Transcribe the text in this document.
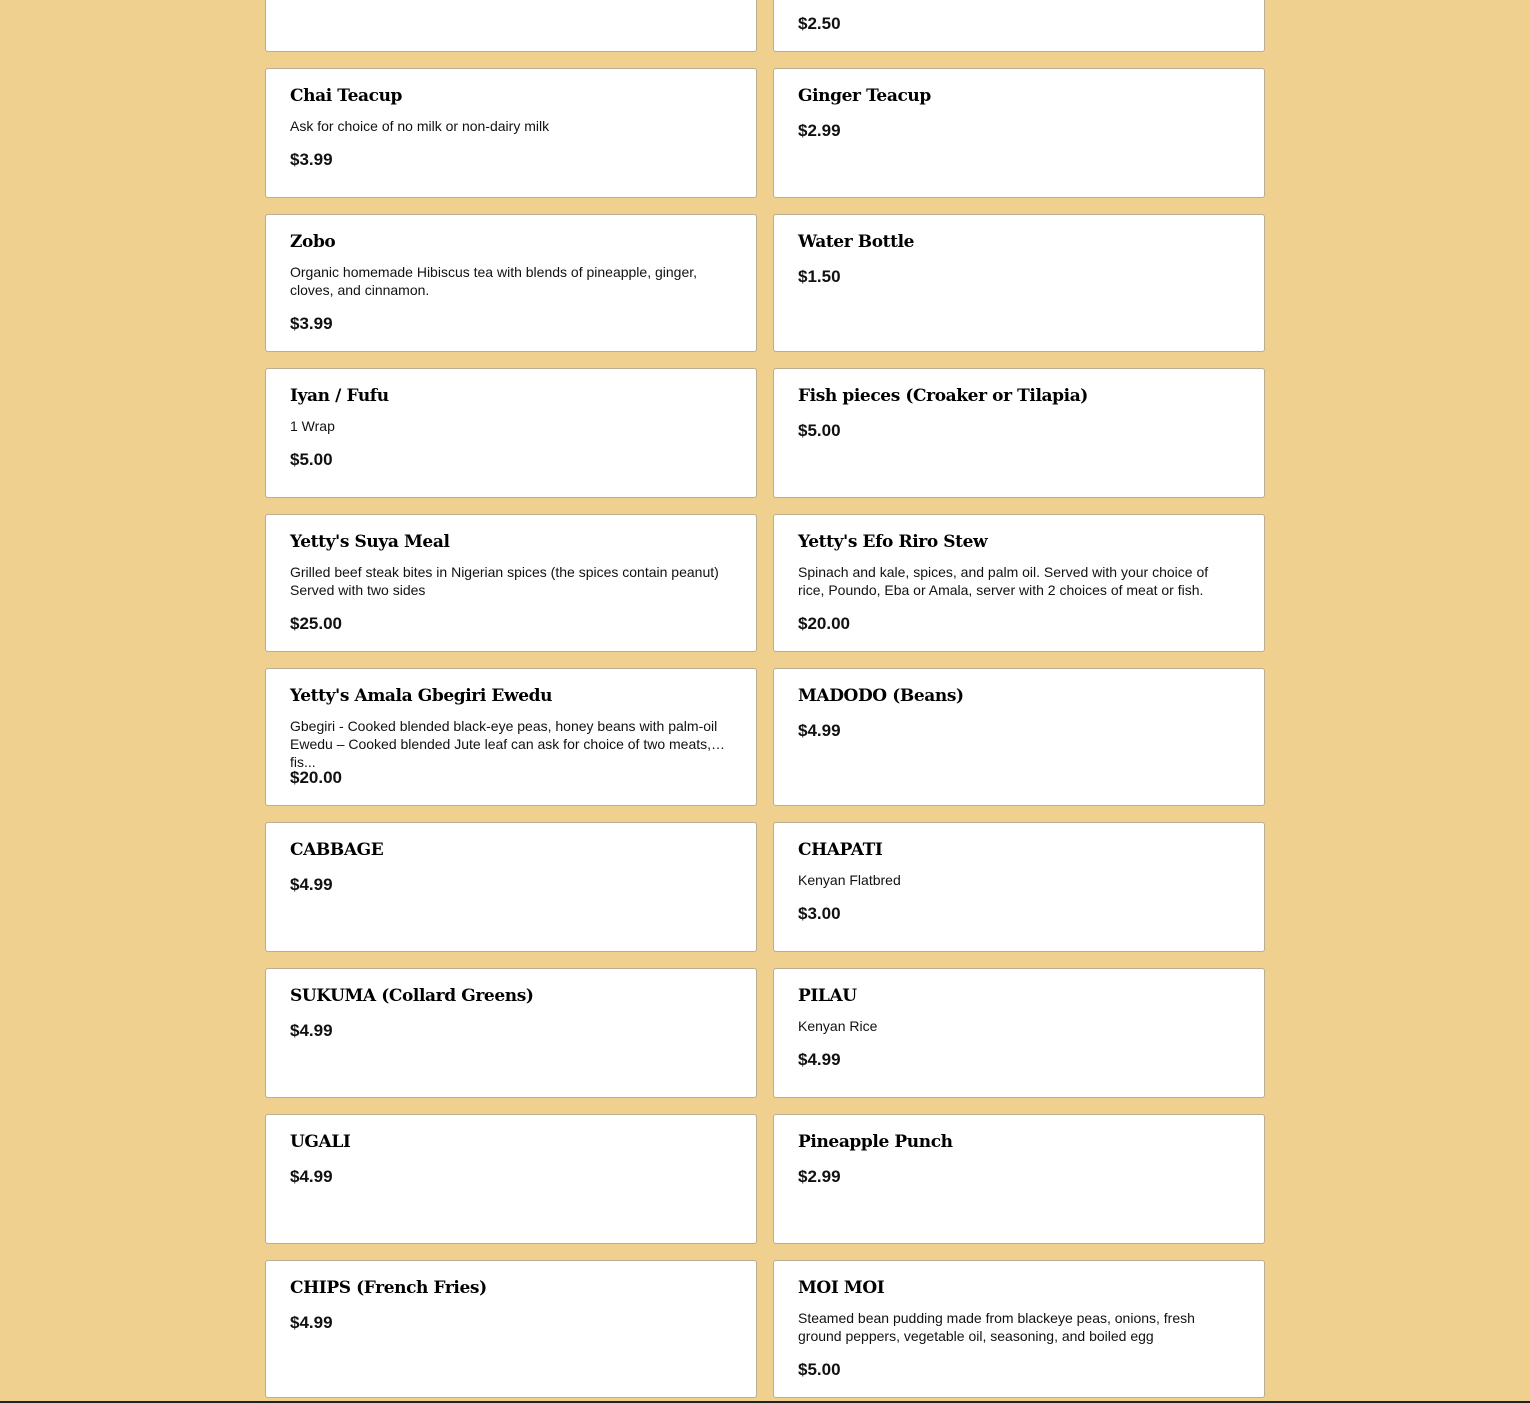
$2.50
Chai Teacup
Ask for choice of no milk or non-dairy milk
$3.99
Ginger Teacup
$2.99
Zobo
Organic homemade Hibiscus tea with blends of pineapple, ginger, cloves, and cinnamon.
$3.99
Water Bottle
$1.50
Iyan / Fufu
1 Wrap
$5.00
Fish pieces (Croaker or Tilapia)
$5.00
Yetty's Suya Meal
Grilled beef steak bites in Nigerian spices (the spices contain peanut) Served with two sides
$25.00
Yetty's Efo Riro Stew
Spinach and kale, spices, and palm oil. Served with your choice of rice, Poundo, Eba or Amala, server with 2 choices of meat or fish.
$20.00
Yetty's Amala Gbegiri Ewedu
Gbegiri - Cooked blended black-eye peas, honey beans with palm-oil Ewedu – Cooked blended Jute leaf can ask for choice of two meats, fis...
$20.00
MADODO (Beans)
$4.99
CABBAGE
$4.99
CHAPATI
Kenyan Flatbred
$3.00
SUKUMA (Collard Greens)
$4.99
PILAU
Kenyan Rice
$4.99
UGALI
$4.99
Pineapple Punch
$2.99
CHIPS (French Fries)
$4.99
MOI MOI
Steamed bean pudding made from blackeye peas, onions, fresh ground peppers, vegetable oil, seasoning, and boiled egg
$5.00
